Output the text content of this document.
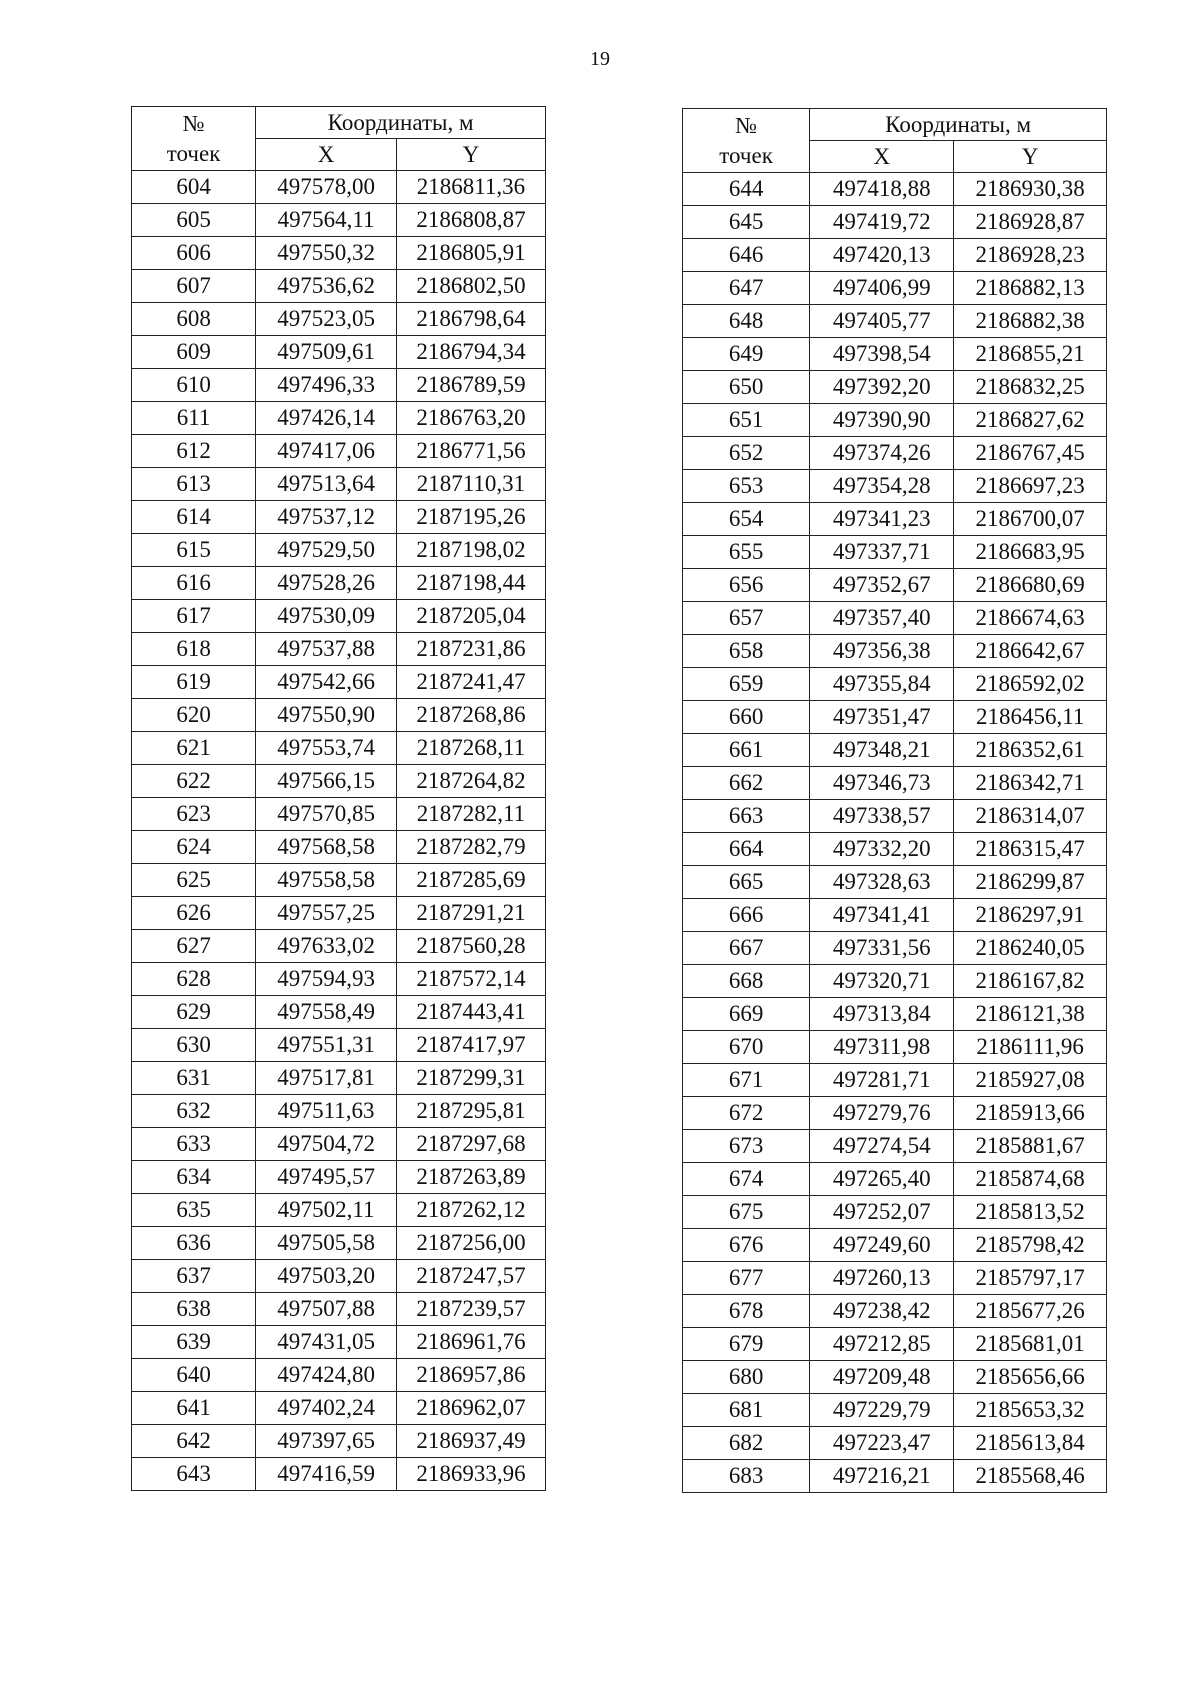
19
№
точек	Координаты, м	
	X	Y
604	497578,00	2186811,36
605	497564,11	2186808,87
606	497550,32	2186805,91
607	497536,62	2186802,50
608	497523,05	2186798,64
609	497509,61	2186794,34
610	497496,33	2186789,59
611	497426,14	2186763,20
612	497417,06	2186771,56
613	497513,64	2187110,31
614	497537,12	2187195,26
615	497529,50	2187198,02
616	497528,26	2187198,44
617	497530,09	2187205,04
618	497537,88	2187231,86
619	497542,66	2187241,47
620	497550,90	2187268,86
621	497553,74	2187268,11
622	497566,15	2187264,82
623	497570,85	2187282,11
624	497568,58	2187282,79
625	497558,58	2187285,69
626	497557,25	2187291,21
627	497633,02	2187560,28
628	497594,93	2187572,14
629	497558,49	2187443,41
630	497551,31	2187417,97
631	497517,81	2187299,31
632	497511,63	2187295,81
633	497504,72	2187297,68
634	497495,57	2187263,89
635	497502,11	2187262,12
636	497505,58	2187256,00
637	497503,20	2187247,57
638	497507,88	2187239,57
639	497431,05	2186961,76
640	497424,80	2186957,86
641	497402,24	2186962,07
642	497397,65	2186937,49
643	497416,59	2186933,96
№
точек	Координаты, м	
	X	Y
644	497418,88	2186930,38
645	497419,72	2186928,87
646	497420,13	2186928,23
647	497406,99	2186882,13
648	497405,77	2186882,38
649	497398,54	2186855,21
650	497392,20	2186832,25
651	497390,90	2186827,62
652	497374,26	2186767,45
653	497354,28	2186697,23
654	497341,23	2186700,07
655	497337,71	2186683,95
656	497352,67	2186680,69
657	497357,40	2186674,63
658	497356,38	2186642,67
659	497355,84	2186592,02
660	497351,47	2186456,11
661	497348,21	2186352,61
662	497346,73	2186342,71
663	497338,57	2186314,07
664	497332,20	2186315,47
665	497328,63	2186299,87
666	497341,41	2186297,91
667	497331,56	2186240,05
668	497320,71	2186167,82
669	497313,84	2186121,38
670	497311,98	2186111,96
671	497281,71	2185927,08
672	497279,76	2185913,66
673	497274,54	2185881,67
674	497265,40	2185874,68
675	497252,07	2185813,52
676	497249,60	2185798,42
677	497260,13	2185797,17
678	497238,42	2185677,26
679	497212,85	2185681,01
680	497209,48	2185656,66
681	497229,79	2185653,32
682	497223,47	2185613,84
683	497216,21	2185568,46
